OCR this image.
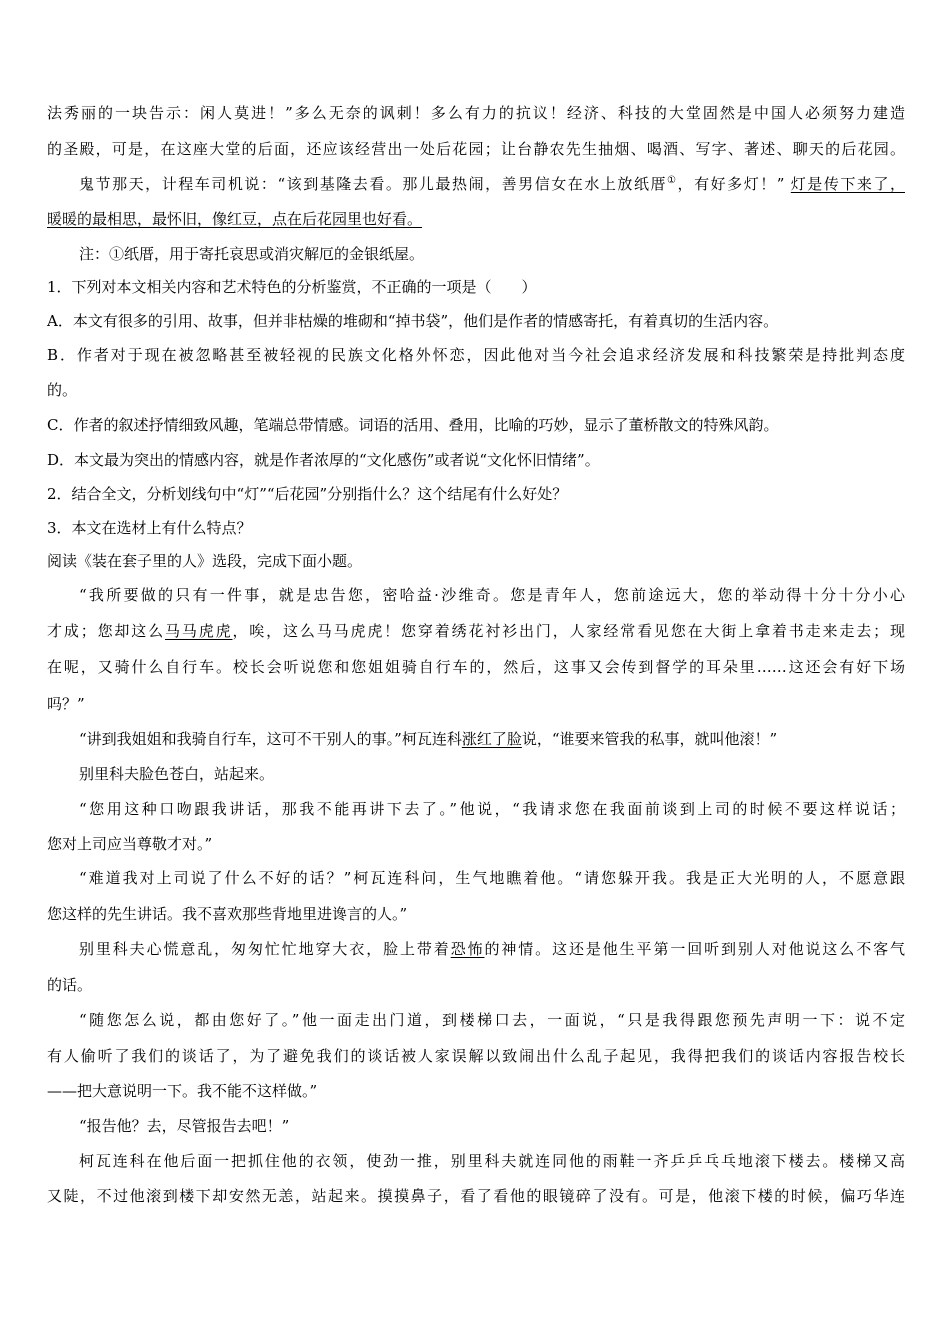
法秀丽的一块告示：闲人莫进！”多么无奈的讽刺！多么有力的抗议！经济、科技的大堂固然是中国人必须努力建造
的圣殿，可是，在这座大堂的后面，还应该经营出一处后花园；让台静农先生抽烟、喝酒、写字、著述、聊天的后花园。
鬼节那天，计程车司机说：“该到基隆去看。那儿最热闹，善男信女在水上放纸厝①，有好多灯！” 灯是传下来了，
暖暖的最相思，最怀旧，像红豆，点在后花园里也好看。
注：①纸厝，用于寄托哀思或消灾解厄的金银纸屋。
1．下列对本文相关内容和艺术特色的分析鉴赏，不正确的一项是（　　）
A．本文有很多的引用、故事，但并非枯燥的堆砌和“掉书袋”，他们是作者的情感寄托，有着真切的生活内容。
B．作者对于现在被忽略甚至被轻视的民族文化格外怀恋，因此他对当今社会追求经济发展和科技繁荣是持批判态度
的。
C．作者的叙述抒情细致风趣，笔端总带情感。词语的活用、叠用，比喻的巧妙，显示了董桥散文的特殊风韵。
D．本文最为突出的情感内容，就是作者浓厚的“文化感伤”或者说“文化怀旧情绪”。
2．结合全文，分析划线句中“灯”“后花园”分别指什么？这个结尾有什么好处？
3．本文在选材上有什么特点？
阅读《装在套子里的人》选段，完成下面小题。
“我所要做的只有一件事，就是忠告您，密哈益·沙维奇。您是青年人，您前途远大，您的举动得十分十分小心
才成；您却这么马马虎虎，唉，这么马马虎虎！您穿着绣花衬衫出门，人家经常看见您在大街上拿着书走来走去；现
在呢，又骑什么自行车。校长会听说您和您姐姐骑自行车的，然后，这事又会传到督学的耳朵里……这还会有好下场
吗？”
“讲到我姐姐和我骑自行车，这可不干别人的事。”柯瓦连科涨红了脸说，“谁要来管我的私事，就叫他滚！”
别里科夫脸色苍白，站起来。
“您用这种口吻跟我讲话，那我不能再讲下去了。”他说，“我请求您在我面前谈到上司的时候不要这样说话；
您对上司应当尊敬才对。”
“难道我对上司说了什么不好的话？”柯瓦连科问，生气地瞧着他。“请您躲开我。我是正大光明的人，不愿意跟
您这样的先生讲话。我不喜欢那些背地里进谗言的人。”
别里科夫心慌意乱，匆匆忙忙地穿大衣，脸上带着恐怖的神情。这还是他生平第一回听到别人对他说这么不客气
的话。
“随您怎么说，都由您好了。”他一面走出门道，到楼梯口去，一面说，“只是我得跟您预先声明一下：说不定
有人偷听了我们的谈话了，为了避免我们的谈话被人家误解以致闹出什么乱子起见，我得把我们的谈话内容报告校长
——把大意说明一下。我不能不这样做。”
“报告他？去，尽管报告去吧！”
柯瓦连科在他后面一把抓住他的衣领，使劲一推，别里科夫就连同他的雨鞋一齐乒乒乓乓地滚下楼去。楼梯又高
又陡，不过他滚到楼下却安然无恙，站起来。摸摸鼻子，看了看他的眼镜碎了没有。可是，他滚下楼的时候，偏巧华连
